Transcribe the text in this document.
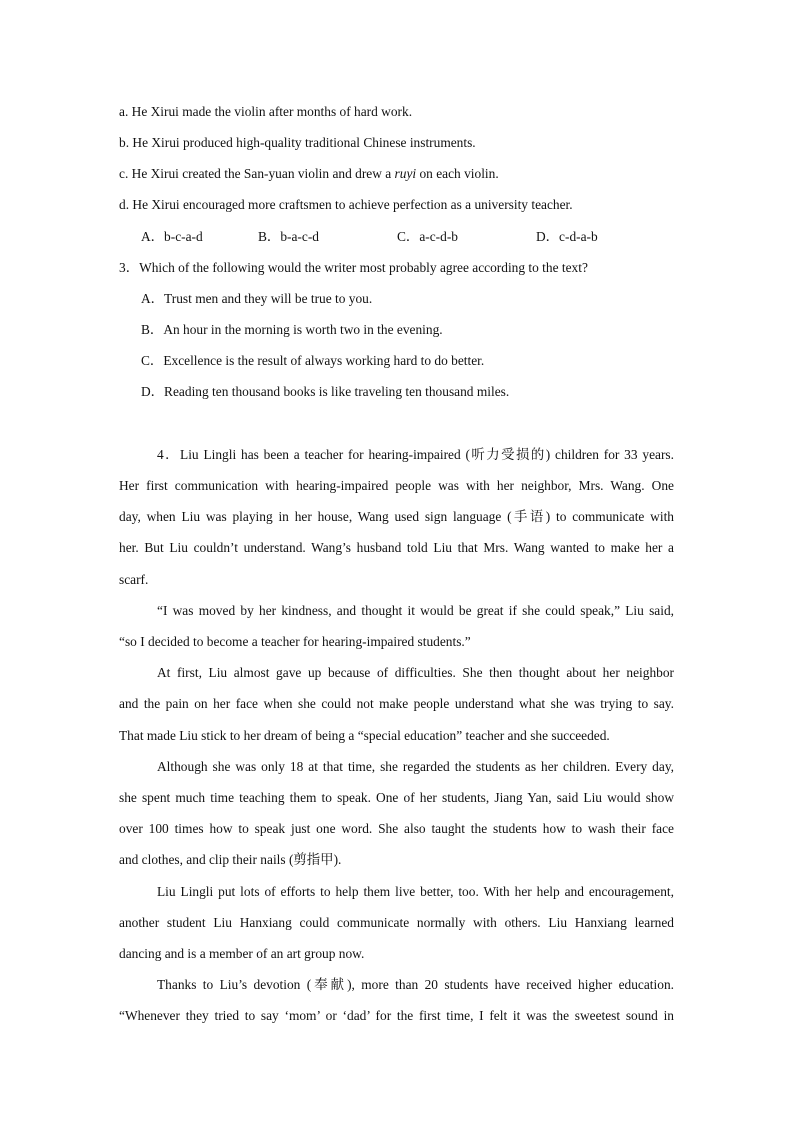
a. He Xirui made the violin after months of hard work.
b. He Xirui produced high-quality traditional Chinese instruments.
c. He Xirui created the San-yuan violin and drew a ruyi on each violin.
d. He Xirui encouraged more craftsmen to achieve perfection as a university teacher.
A．b-c-a-d	B．b-a-c-d	C．a-c-d-b	D．c-d-a-b
3．Which of the following would the writer most probably agree according to the text?
A．Trust men and they will be true to you.
B．An hour in the morning is worth two in the evening.
C．Excellence is the result of always working hard to do better.
D．Reading ten thousand books is like traveling ten thousand miles.
4．Liu Lingli has been a teacher for hearing-impaired (听力受损的) children for 33 years.
Her first communication with hearing-impaired people was with her neighbor, Mrs. Wang. One
day, when Liu was playing in her house, Wang used sign language (手语) to communicate with
her. But Liu couldn’t understand. Wang’s husband told Liu that Mrs. Wang wanted to make her a
scarf.
“I was moved by her kindness, and thought it would be great if she could speak,” Liu said,
“so I decided to become a teacher for hearing-impaired students.”
At first, Liu almost gave up because of difficulties. She then thought about her neighbor
and the pain on her face when she could not make people understand what she was trying to say.
That made Liu stick to her dream of being a “special education” teacher and she succeeded.
Although she was only 18 at that time, she regarded the students as her children. Every day,
she spent much time teaching them to speak. One of her students, Jiang Yan, said Liu would show
over 100 times how to speak just one word. She also taught the students how to wash their face
and clothes, and clip their nails (剪指甲).
Liu Lingli put lots of efforts to help them live better, too. With her help and encouragement,
another student Liu Hanxiang could communicate normally with others. Liu Hanxiang learned
dancing and is a member of an art group now.
Thanks to Liu’s devotion (奉献), more than 20 students have received higher education.
“Whenever they tried to say ‘mom’ or ‘dad’ for the first time, I felt it was the sweetest sound in
